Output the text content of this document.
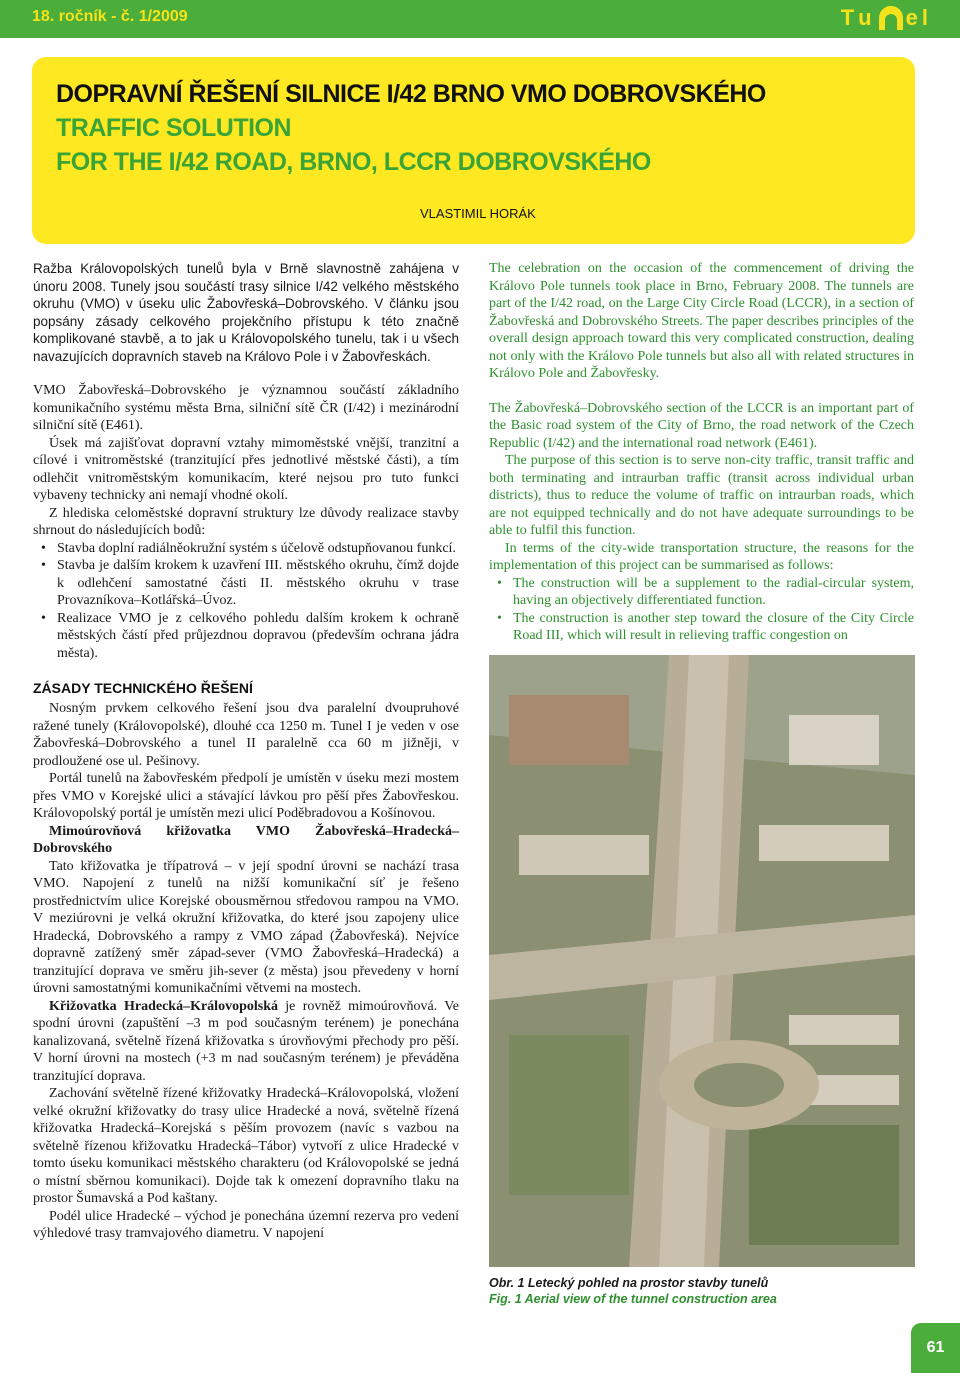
18. ročník - č. 1/2009	T u e l
DOPRAVNÍ ŘEŠENÍ SILNICE I/42 BRNO VMO DOBROVSKÉHO
TRAFFIC SOLUTION
FOR THE I/42 ROAD, BRNO, LCCR DOBROVSKÉHO
VLASTIMIL HORÁK

Ražba Královopolských tunelů byla v Brně slavnostně zahájena v únoru 2008. Tunely jsou součástí trasy silnice I/42 velkého městského okruhu (VMO) v úseku ulic Žabovřeská–Dobrovského. V článku jsou popsány zásady celkového projekčního přístupu k této značně komplikované stavbě, a to jak u Královopolského tunelu, tak i u všech navazujících dopravních staveb na Královo Pole i v Žabovřeskách.

VMO Žabovřeská–Dobrovského je významnou součástí základního komunikačního systému města Brna, silniční sítě ČR (I/42) i mezinárodní silniční sítě (E461).

Úsek má zajišťovat dopravní vztahy mimoměstské vnější, tranzitní a cílové i vnitroměstské (tranzitující přes jednotlivé městské části), a tím odlehčit vnitroměstským komunikacím, které nejsou pro tuto funkci vybaveny technicky ani nemají vhodné okolí.

Z hlediska celoměstské dopravní struktury lze důvody realizace stavby shrnout do následujících bodů:

• Stavba doplní radiálněokružní systém s účelově odstupňovanou funkcí.
• Stavba je dalším krokem k uzavření III. městského okruhu, čímž dojde k odlehčení samostatné části II. městského okruhu v trase Provazníkova–Kotlářská–Úvoz.
• Realizace VMO je z celkového pohledu dalším krokem k ochraně městských částí před průjezdnou dopravou (především ochrana jádra města).
ZÁSADY TECHNICKÉHO ŘEŠENÍ

Nosným prvkem celkového řešení jsou dva paralelní dvoupruhové ražené tunely (Královopolské), dlouhé cca 1250 m. Tunel I je veden v ose Žabovřeská–Dobrovského a tunel II paralelně cca 60 m jižněji, v prodloužené ose ul. Pešinovy.

Portál tunelů na žabovřeském předpolí je umístěn v úseku mezi mostem přes VMO v Korejské ulici a stávající lávkou pro pěší přes Žabovřeskou. Královopolský portál je umístěn mezi ulicí Poděbradovou a Košínovou.

Mimoúrovňová křižovatka VMO Žabovřeská–Hradecká–Dobrovského

Tato křižovatka je třípatrová – v její spodní úrovni se nachází trasa VMO. Napojení z tunelů na nižší komunikační síť je řešeno prostřednictvím ulice Korejské obousměrnou středovou rampou na VMO. V meziúrovni je velká okružní křižovatka, do které jsou zapojeny ulice Hradecká, Dobrovského a rampy z VMO západ (Žabovřeská). Nejvíce dopravně zatížený směr západ-sever (VMO Žabovřeská–Hradecká) a tranzitující doprava ve směru jih-sever (z města) jsou převedeny v horní úrovni samostatnými komunikačními větvemi na mostech.

Křižovatka Hradecká–Královopolská je rovněž mimoúrovňová. Ve spodní úrovni (zapuštění –3 m pod současným terénem) je ponechána kanalizovaná, světelně řízená křižovatka s úrovňovými přechody pro pěší. V horní úrovni na mostech (+3 m nad současným terénem) je převáděna tranzitující doprava.

Zachování světelně řízené křižovatky Hradecká–Královopolská, vložení velké okružní křižovatky do trasy ulice Hradecké a nová, světelně řízená křižovatka Hradecká–Korejská s pěším provozem (navíc s vazbou na světelně řízenou křižovatku Hradecká–Tábor) vytvoří z ulice Hradecké v tomto úseku komunikaci městského charakteru (od Královopolské se jedná o místní sběrnou komunikaci). Dojde tak k omezení dopravního tlaku na prostor Šumavská a Pod kaštany.

Podél ulice Hradecké – východ je ponechána územní rezerva pro vedení výhledové trasy tramvajového diametru. V napojení

The celebration on the occasion of the commencement of driving the Královo Pole tunnels took place in Brno, February 2008. The tunnels are part of the I/42 road, on the Large City Circle Road (LCCR), in a section of Žabovřeská and Dobrovského Streets. The paper describes principles of the overall design approach toward this very complicated construction, dealing not only with the Královo Pole tunnels but also all with related structures in Královo Pole and Žabovřesky.

The Žabovřeská–Dobrovského section of the LCCR is an important part of the Basic road system of the City of Brno, the road network of the Czech Republic (I/42) and the international road network (E461).

The purpose of this section is to serve non-city traffic, transit traffic and both terminating and intraurban traffic (transit across individual urban districts), thus to reduce the volume of traffic on intraurban roads, which are not equipped technically and do not have adequate surroundings to be able to fulfil this function.

In terms of the city-wide transportation structure, the reasons for the implementation of this project can be summarised as follows:

• The construction will be a supplement to the radial-circular system, having an objectively differentiated function.
• The construction is another step toward the closure of the City Circle Road III, which will result in relieving traffic congestion on
Obr. 1 Letecký pohled na prostor stavby tunelů
Fig. 1 Aerial view of the tunnel construction area
61
